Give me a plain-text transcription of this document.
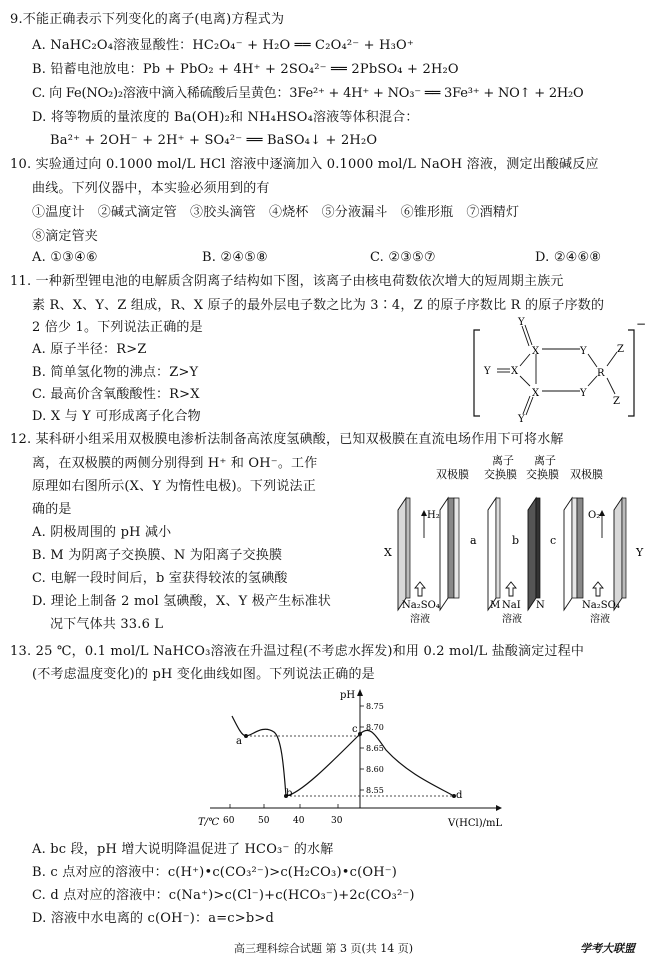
9.不能正确表示下列变化的离子(电离)方程式为
A. NaHC₂O₄溶液显酸性：HC₂O₄⁻ + H₂O ══ C₂O₄²⁻ + H₃O⁺
B. 铅蓄电池放电：Pb + PbO₂ + 4H⁺ + 2SO₄²⁻ ══ 2PbSO₄ + 2H₂O
C. 向 Fe(NO₂)₂溶液中滴入稀硫酸后呈黄色：3Fe²⁺ + 4H⁺ + NO₃⁻ ══ 3Fe³⁺ + NO↑ + 2H₂O
D. 将等物质的量浓度的 Ba(OH)₂和 NH₄HSO₄溶液等体积混合：
Ba²⁺ + 2OH⁻ + 2H⁺ + SO₄²⁻ ══ BaSO₄↓ + 2H₂O
10. 实验通过向 0.1000 mol/L HCl 溶液中逐滴加入 0.1000 mol/L NaOH 溶液，测定出酸碱反应
曲线。下列仪器中，本实验必须用到的有
①温度计   ②碱式滴定管   ③胶头滴管   ④烧杯   ⑤分液漏斗   ⑥锥形瓶   ⑦酒精灯
⑧滴定管夹
A. ①③④⑥	B. ②④⑤⑧	C. ②③⑤⑦	D. ②④⑥⑧
11. 一种新型锂电池的电解质含阴离子结构如下图，该离子由核电荷数依次增大的短周期主族元
素 R、X、Y、Z 组成，R、X 原子的最外层电子数之比为 3∶4，Z 的原子序数比 R 的原子序数的
2 倍少 1。下列说法正确的是
A. 原子半径：R>Z
B. 简单氢化物的沸点：Z>Y
C. 最高价含氧酸酸性：R>X
D. X 与 Y 可形成离子化合物
−
Y
X
Y X
X
Y
Y
R
Z
Z
Y
12. 某科研小组采用双极膜电渗析法制备高浓度氢碘酸，已知双极膜在直流电场作用下可将水解
离，在双极膜的两侧分别得到 H⁺ 和 OH⁻。工作
原理如右图所示(X、Y 为惰性电极)。下列说法正
确的是
A. 阴极周围的 pH 减小
B. M 为阴离子交换膜、N 为阳离子交换膜
C. 电解一段时间后，b 室获得较浓的氢碘酸
D. 理论上制备 2 mol 氢碘酸，X、Y 极产生标准状
况下气体共 33.6 L
双极膜
离子
交换膜
离子
交换膜 双极膜
H₂	O₂
X	Y
a	b	c
M	N
Na₂SO₄
溶液
NaI
溶液
Na₂SO₄
溶液
13. 25 ℃，0.1 mol/L NaHCO₃溶液在升温过程(不考虑水挥发)和用 0.2 mol/L 盐酸滴定过程中
(不考虑温度变化)的 pH 变化曲线如图。下列说法正确的是
pH
T/℃	V(HCl)/mL
60	50	40	30
8.75
8.70
8.65
8.60
8.55
a
b
c
d
A. bc 段，pH 增大说明降温促进了 HCO₃⁻ 的水解
B. c 点对应的溶液中：c(H⁺)•c(CO₃²⁻)>c(H₂CO₃)•c(OH⁻)
C. d 点对应的溶液中：c(Na⁺)>c(Cl⁻)+c(HCO₃⁻)+2c(CO₃²⁻)
D. 溶液中水电离的 c(OH⁻)：a=c>b>d
高三理科综合试题 第 3 页(共 14 页)	学考大联盟
